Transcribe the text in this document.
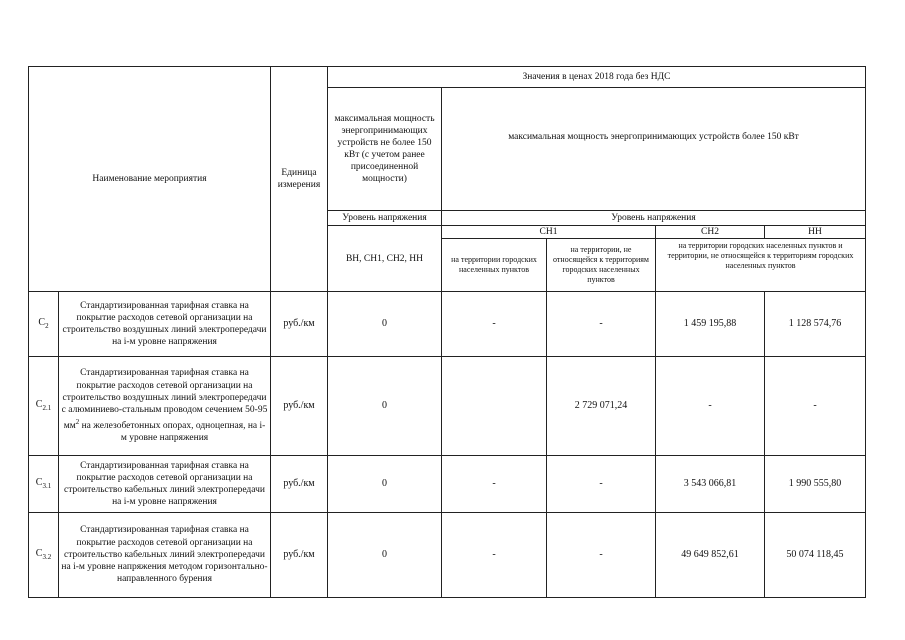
Наименование мероприятия		Единица измерения	Значения в ценах 2018 года без НДС				
			максимальная мощность энергопринимающих устройств не более 150 кВт (с учетом ранее присоединенной мощности)	максимальная мощность энергопринимающих устройств более 150 кВт			
			Уровень напряжения	Уровень напряжения			
			ВН, СН1, СН2, НН	СН1		СН2	НН
				на территории городских населенных пунктов	на территории, не относящейся к территориям городских населенных пунктов	на территории городских населенных пунктов и территории, не относящейся к территориям городских населенных пунктов	
$С_2$	Стандартизированная тарифная ставка на покрытие расходов сетевой организации на строительство воздушных линий электропередачи на i-м уровне напряжения	руб./км	0	-	-	1 459 195,88	1 128 574,76
$С_{2.1}$	Стандартизированная тарифная ставка на покрытие расходов сетевой организации на строительство воздушных линий электропередачи с алюминиево-стальным проводом сечением 50-95 $мм^2$ на железобетонных опорах, одноцепная, на i-м уровне напряжения	руб./км	0		2 729 071,24	-	-
$С_{3.1}$	Стандартизированная тарифная ставка на покрытие расходов сетевой организации на строительство кабельных линий электропередачи на i-м уровне напряжения	руб./км	0	-	-	3 543 066,81	1 990 555,80
$С_{3.2}$	Стандартизированная тарифная ставка на покрытие расходов сетевой организации на строительство кабельных линий электропередачи на i-м уровне напряжения методом горизонтально-направленного бурения	руб./км	0	-	-	49 649 852,61	50 074 118,45
